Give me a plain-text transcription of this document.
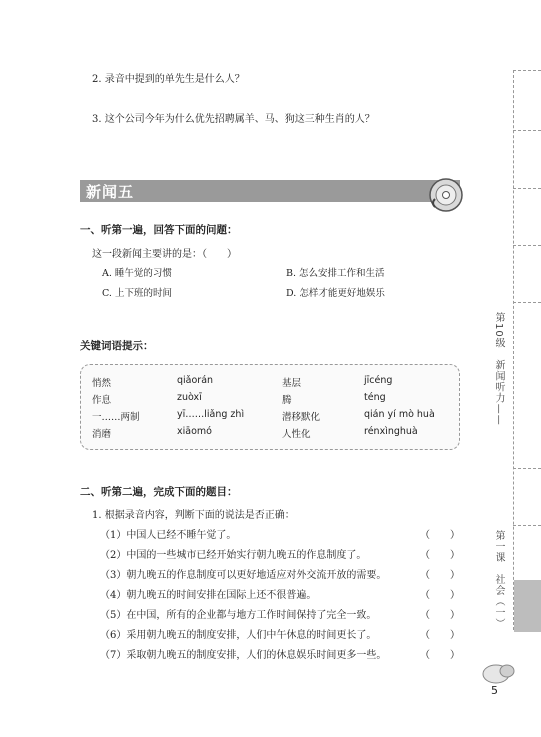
2. 录音中提到的单先生是什么人？
3. 这个公司今年为什么优先招聘属羊、马、狗这三种生肖的人？
新闻五
一、听第一遍，回答下面的问题：
这一段新闻主要讲的是：（　　）
A. 睡午觉的习惯	B. 怎么安排工作和生活
C. 上下班的时间	D. 怎样才能更好地娱乐
关键词语提示：
悄然	qiǎorán	基层	jīcéng
作息	zuòxī	腾	téng
一……两制	yī……liǎng zhì	潜移默化	qián yí mò huà
消磨	xiāomó	人性化	rénxìnghuà
二、听第二遍，完成下面的题目：
1. 根据录音内容，判断下面的说法是否正确：
（1）中国人已经不睡午觉了。	（　　）
（2）中国的一些城市已经开始实行朝九晚五的作息制度了。	（　　）
（3）朝九晚五的作息制度可以更好地适应对外交流开放的需要。	（　　）
（4）朝九晚五的时间安排在国际上还不很普遍。	（　　）
（5）在中国，所有的企业都与地方工作时间保持了完全一致。	（　　）
（6）采用朝九晚五的制度安排，人们中午休息的时间更长了。	（　　）
（7）采取朝九晚五的制度安排，人们的休息娱乐时间更多一些。	（　　）
第10级　新闻听力——
第一课　社会（一）
5
